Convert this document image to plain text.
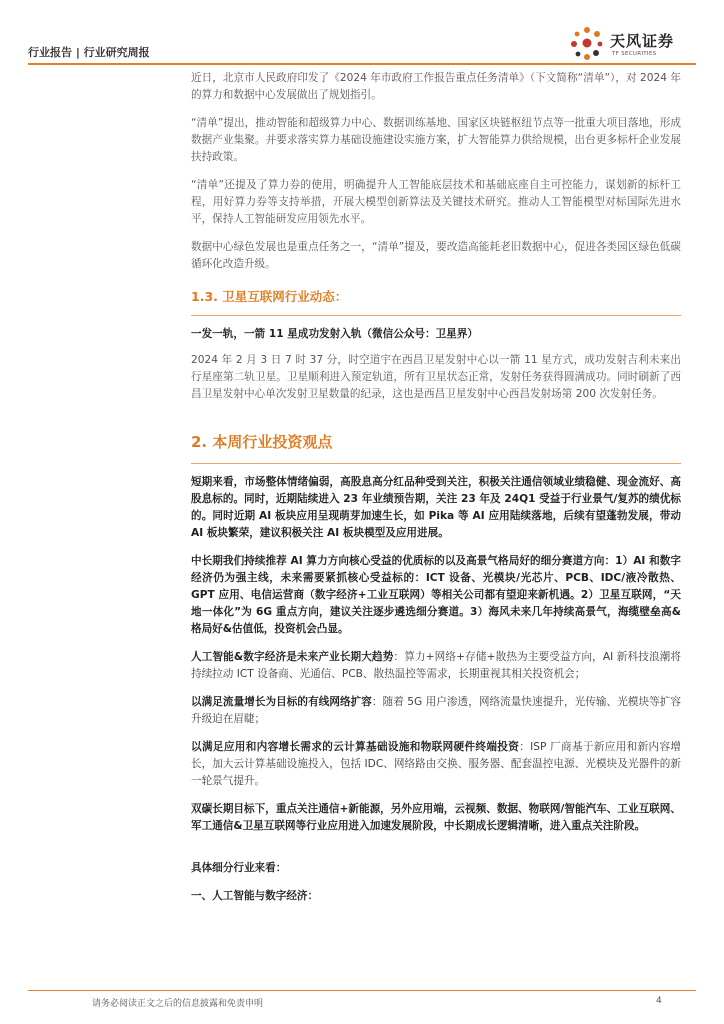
行业报告 | 行业研究周报
天风证券
TF SECURITIES

近日，北京市人民政府印发了《2024 年市政府工作报告重点任务清单》（下文简称“清单”），对 2024 年的算力和数据中心发展做出了规划指引。

“清单”提出，推动智能和超级算力中心、数据训练基地、国家区块链枢纽节点等一批重大项目落地，形成数据产业集聚。并要求落实算力基础设施建设实施方案，扩大智能算力供给规模，出台更多标杆企业发展扶持政策。

“清单”还提及了算力券的使用，明确提升人工智能底层技术和基础底座自主可控能力，谋划新的标杆工程，用好算力券等支持举措，开展大模型创新算法及关键技术研究。推动人工智能模型对标国际先进水平，保持人工智能研发应用领先水平。

数据中心绿色发展也是重点任务之一，“清单”提及，要改造高能耗老旧数据中心，促进各类园区绿色低碳循环化改造升级。

1.3. 卫星互联网行业动态：
一发一轨，一箭 11 星成功发射入轨（微信公众号：卫星界）

2024 年 2 月 3 日 7 时 37 分，时空道宇在西昌卫星发射中心以一箭 11 星方式，成功发射吉利未来出行星座第二轨卫星。卫星顺利进入预定轨道，所有卫星状态正常，发射任务获得圆满成功。同时刷新了西昌卫星发射中心单次发射卫星数量的纪录，这也是西昌卫星发射中心西昌发射场第 200 次发射任务。

2. 本周行业投资观点

短期来看，市场整体情绪偏弱，高股息高分红品种受到关注，积极关注通信领域业绩稳健、现金流好、高股息标的。同时，近期陆续进入 23 年业绩预告期，关注 23 年及 24Q1 受益于行业景气/复苏的绩优标的。同时近期 AI 板块应用呈现萌芽加速生长，如 Pika 等 AI 应用陆续落地，后续有望蓬勃发展，带动 AI 板块繁荣，建议积极关注 AI 板块模型及应用进展。

中长期我们持续推荐 AI 算力方向核心受益的优质标的以及高景气格局好的细分赛道方向：1）AI 和数字经济仍为强主线，未来需要紧抓核心受益标的：ICT 设备、光模块/光芯片、PCB、IDC/液冷散热、GPT 应用、电信运营商（数字经济+工业互联网）等相关公司都有望迎来新机遇。2）卫星互联网，“天地一体化”为 6G 重点方向，建议关注逐步遴选细分赛道。3）海风未来几年持续高景气，海缆壁垒高&格局好&估值低，投资机会凸显。

人工智能&数字经济是未来产业长期大趋势：算力+网络+存储+散热为主要受益方向，AI 新科技浪潮将持续拉动 ICT 设备商、光通信、PCB、散热温控等需求，长期重视其相关投资机会；

以满足流量增长为目标的有线网络扩容：随着 5G 用户渗透，网络流量快速提升，光传输、光模块等扩容升级迫在眉睫；

以满足应用和内容增长需求的云计算基础设施和物联网硬件终端投资：ISP 厂商基于新应用和新内容增长，加大云计算基础设施投入，包括 IDC、网络路由交换、服务器、配套温控电源、光模块及光器件的新一轮景气提升。

双碳长期目标下，重点关注通信+新能源，另外应用端，云视频、数据、物联网/智能汽车、工业互联网、军工通信&卫星互联网等行业应用进入加速发展阶段，中长期成长逻辑清晰，进入重点关注阶段。

具体细分行业来看：

一、人工智能与数字经济：

请务必阅读正文之后的信息披露和免责申明	4
